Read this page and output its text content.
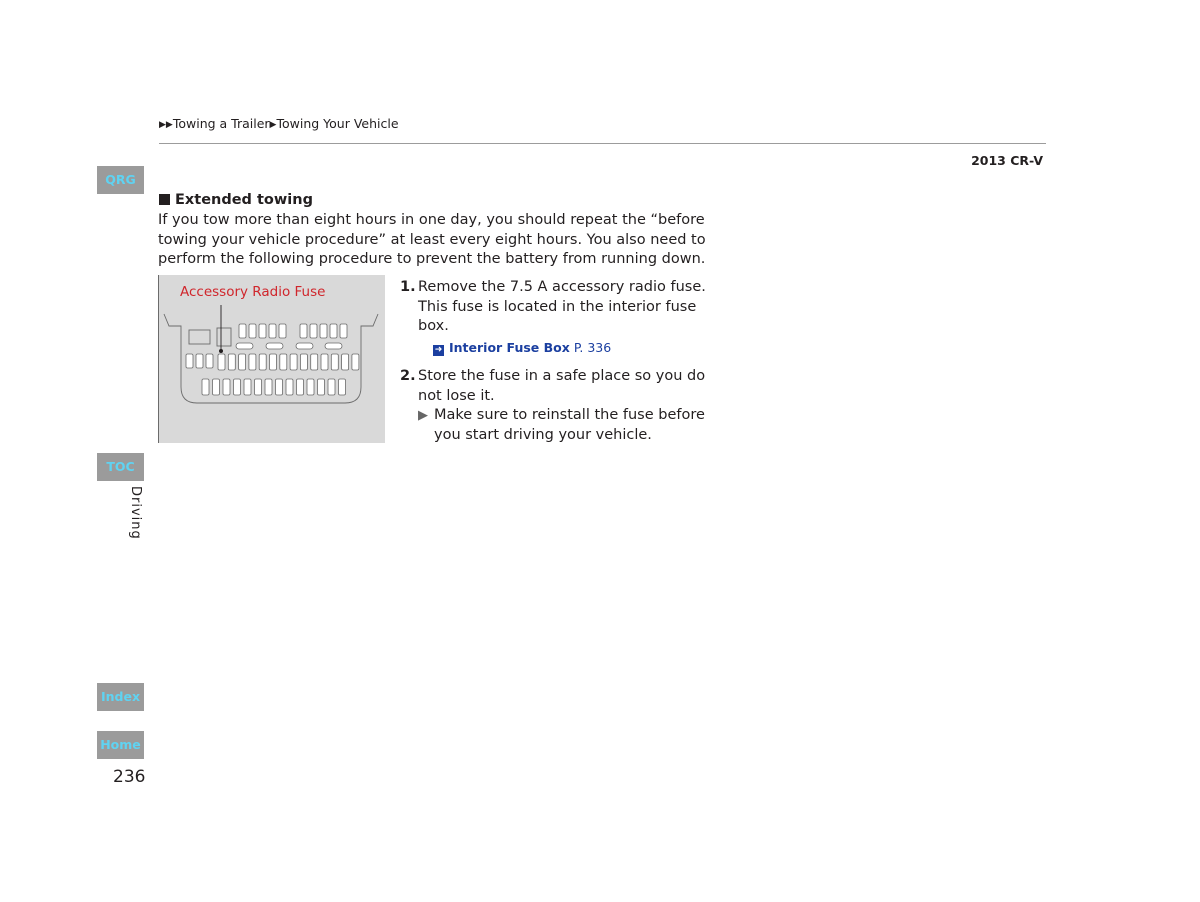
▶▶Towing a Trailer▶Towing Your Vehicle
2013 CR-V
QRG
TOC
Driving
Index
Home
236
Extended towing
If you tow more than eight hours in one day, you should repeat the “before towing your vehicle procedure” at least every eight hours. You also need to perform the following procedure to prevent the battery from running down.
Accessory Radio Fuse	1. Remove the 7.5 A accessory radio fuse. This fuse is located in the interior fuse box.
➜ Interior Fuse Box P. 336
2. Store the fuse in a safe place so you do not lose it.
▶ Make sure to reinstall the fuse before you start driving your vehicle.
